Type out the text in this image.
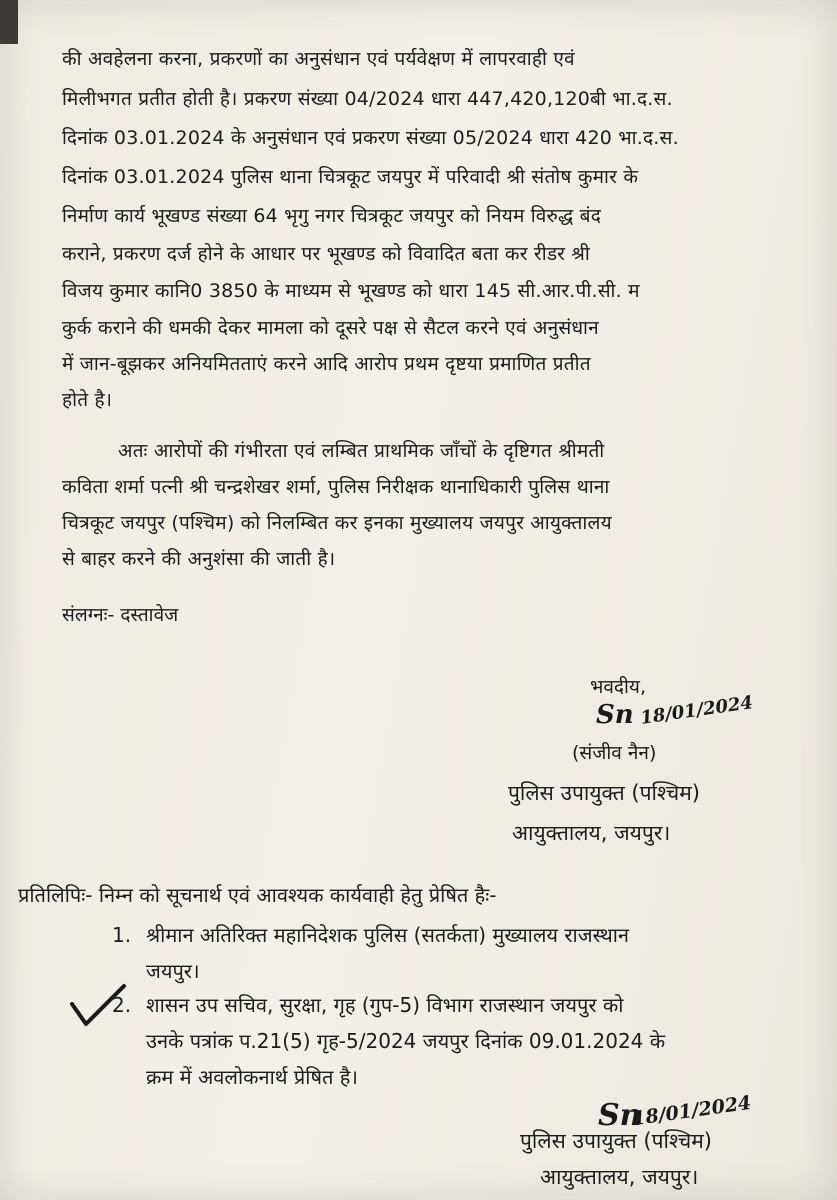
की अवहेलना करना, प्रकरणों का अनुसंधान एवं पर्यवेक्षण में लापरवाही एवं
मिलीभगत प्रतीत होती है। प्रकरण संख्या 04/2024 धारा 447,420,120बी भा.द.स.
दिनांक 03.01.2024 के अनुसंधान एवं प्रकरण संख्या 05/2024 धारा 420 भा.द.स.
दिनांक 03.01.2024 पुलिस थाना चित्रकूट जयपुर में परिवादी श्री संतोष कुमार के
निर्माण कार्य भूखण्ड संख्या 64 भृगु नगर चित्रकूट जयपुर को नियम विरुद्ध बंद
कराने, प्रकरण दर्ज होने के आधार पर भूखण्ड को विवादित बता कर रीडर श्री
विजय कुमार कानि0 3850 के माध्यम से भूखण्ड को धारा 145 सी.आर.पी.सी. म
कुर्क कराने की धमकी देकर मामला को दूसरे पक्ष से सैटल करने एवं अनुसंधान
में जान-बूझकर अनियमितताएं करने आदि आरोप प्रथम दृष्टया प्रमाणित प्रतीत
होते है।
अतः आरोपों की गंभीरता एवं लम्बित प्राथमिक जाँचों के दृष्टिगत श्रीमती
कविता शर्मा पत्नी श्री चन्द्रशेखर शर्मा, पुलिस निरीक्षक थानाधिकारी पुलिस थाना
चित्रकूट जयपुर (पश्चिम) को निलम्बित कर इनका मुख्यालय जयपुर आयुक्तालय
से बाहर करने की अनुशंसा की जाती है।
संलग्नः- दस्तावेज
भवदीय,
Sn 18/01/2024
(संजीव नैन)
पुलिस उपायुक्त (पश्चिम)
आयुक्तालय, जयपुर।
प्रतिलिपिः- निम्न को सूचनार्थ एवं आवश्यक कार्यवाही हेतु प्रेषित हैः-
1. श्रीमान अतिरिक्त महानिदेशक पुलिस (सतर्कता) मुख्यालय राजस्थान
जयपुर।
2. शासन उप सचिव, सुरक्षा, गृह (गुप-5) विभाग राजस्थान जयपुर को
उनके पत्रांक प.21(5) गृह-5/2024 जयपुर दिनांक 09.01.2024 के
क्रम में अवलोकनार्थ प्रेषित है।
Sn
18/01/2024
पुलिस उपायुक्त (पश्चिम)
आयुक्तालय, जयपुर।
